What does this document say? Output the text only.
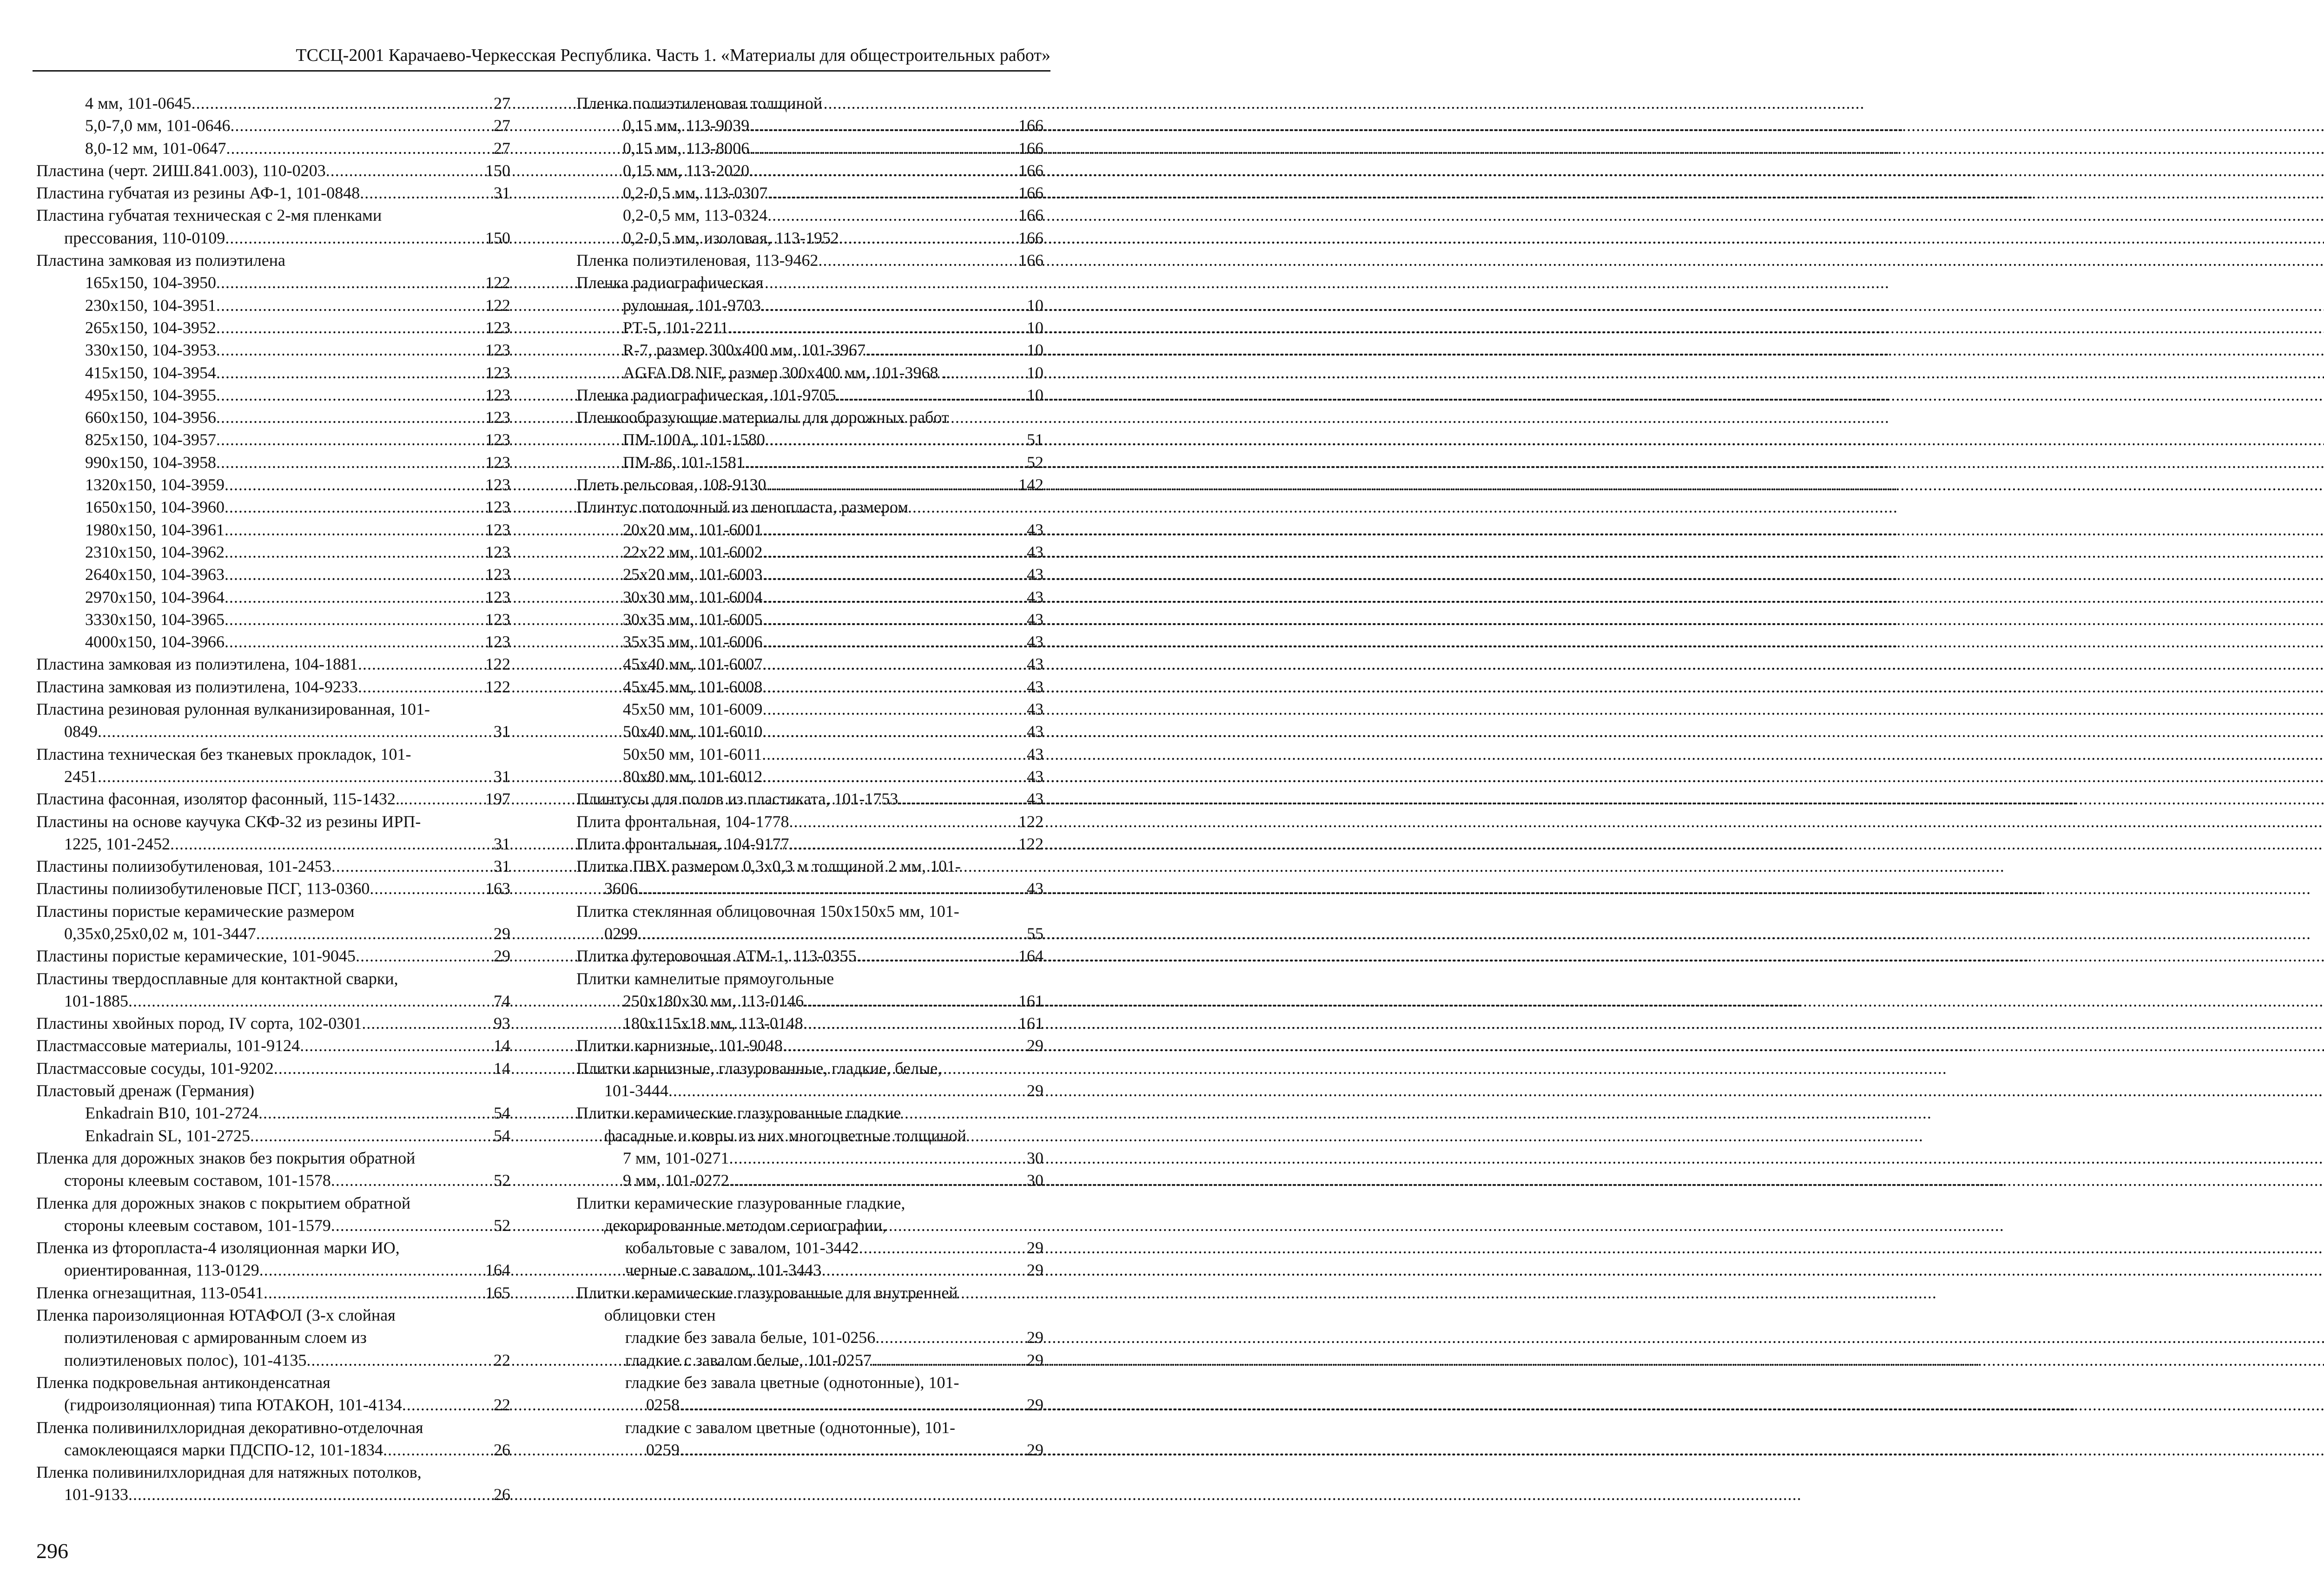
ТССЦ-2001 Карачаево-Черкесская Республика. Часть 1. «Материалы для общестроительных работ»
4 мм, 101-0645 .....	27
5,0-7,0 мм, 101-0646 .....	27
8,0-12 мм, 101-0647 .....	27
Пластина (черт. 2ИШ.841.003), 110-0203 .....	150
Пластина губчатая из резины АФ-1, 101-0848 .....	31
Пластина губчатая техническая с 2-мя пленками
прессования, 110-0109 .....	150
Пластина замковая из полиэтилена
165x150, 104-3950 .....	122
230x150, 104-3951 .....	122
265x150, 104-3952 .....	123
330x150, 104-3953 .....	123
415x150, 104-3954 .....	123
495x150, 104-3955 .....	123
660x150, 104-3956 .....	123
825x150, 104-3957 .....	123
990x150, 104-3958 .....	123
1320x150, 104-3959 .....	123
1650x150, 104-3960 .....	123
1980x150, 104-3961 .....	123
2310x150, 104-3962 .....	123
2640x150, 104-3963 .....	123
2970x150, 104-3964 .....	123
3330x150, 104-3965 .....	123
4000x150, 104-3966 .....	123
Пластина замковая из полиэтилена, 104-1881 .....	122
Пластина замковая из полиэтилена, 104-9233 .....	122
Пластина резиновая рулонная вулканизированная, 101-
0849 .....	31
Пластина техническая без тканевых прокладок, 101-
2451 .....	31
Пластина фасонная, изолятор фасонный, 115-1432.. .....	197
Пластины на основе каучука СКФ-32 из резины ИРП-
1225, 101-2452 .....	31
Пластины полиизобутиленовая, 101-2453 .....	31
Пластины полиизобутиленовые ПСГ, 113-0360 .....	163
Пластины пористые керамические размером
0,35x0,25x0,02 м, 101-3447 .....	29
Пластины пористые керамические, 101-9045 .....	29
Пластины твердосплавные для контактной сварки,
101-1885 .....	74
Пластины хвойных пород, IV сорта, 102-0301 .....	93
Пластмассовые материалы, 101-9124 .....	14
Пластмассовые сосуды, 101-9202 .....	14
Пластовый дренаж (Германия)
Enkadrain B10, 101-2724 .....	54
Enkadrain SL, 101-2725 .....	54
Пленка для дорожных знаков без покрытия обратной
стороны клеевым составом, 101-1578 .....	52
Пленка для дорожных знаков с покрытием обратной
стороны клеевым составом, 101-1579 .....	52
Пленка из фторопласта-4 изоляционная марки ИО,
ориентированная, 113-0129 .....	164
Пленка огнезащитная, 113-0541 .....	165
Пленка пароизоляционная ЮТАФОЛ (3-х слойная
полиэтиленовая с армированным слоем из
полиэтиленовых полос), 101-4135 .....	22
Пленка подкровельная антиконденсатная
(гидроизоляционная) типа ЮТАКОН, 101-4134 .....	22
Пленка поливинилхлоридная декоративно-отделочная
самоклеющаяся марки ПДСПО-12, 101-1834 .....	26
Пленка поливинилхлоридная для натяжных потолков,
101-9133 .....	26
Пленка полиэтиленовая толщиной
0,15 мм, 113-9039 .....	166
0,15 мм, 113-8006 .....	166
0,15 мм, 113-2020 .....	166
0,2-0,5 мм, 113-0307 .....	166
0,2-0,5 мм, 113-0324 .....	166
0,2-0,5 мм, изоловая, 113-1952 .....	166
Пленка полиэтиленовая, 113-9462 .....	166
Пленка радиографическая
рулонная, 101-9703 .....	10
РТ-5, 101-2211 .....	10
R-7, размер 300x400 мм, 101-3967 .....	10
AGFA D8 NIF, размер 300x400 мм, 101-3968 ... .....	10
Пленка радиографическая, 101-9705 .....	10
Пленкообразующие материалы для дорожных работ
ПМ-100А, 101-1580 .....	51
ПМ-86, 101-1581 .....	52
Плеть рельсовая, 108-9130 .....	142
Плинтус потолочный из пенопласта, размером
20x20 мм, 101-6001 .....	43
22x22 мм, 101-6002 .....	43
25x20 мм, 101-6003 .....	43
30x30 мм, 101-6004 .....	43
30x35 мм, 101-6005 .....	43
35x35 мм, 101-6006 .....	43
45x40 мм, 101-6007 .....	43
45x45 мм, 101-6008 .....	43
45x50 мм, 101-6009 .....	43
50x40 мм, 101-6010 .....	43
50x50 мм, 101-6011 .....	43
80x80 мм, 101-6012 .....	43
Плинтусы для полов из пластиката, 101-1753 .....	43
Плита фронтальная, 104-1778 .....	122
Плита фронтальная, 104-9177 .....	122
Плитка ПВХ размером 0,3x0,3 м толщиной 2 мм, 101-
3606 .....	43
Плитка стеклянная облицовочная 150x150x5 мм, 101-
0299 .....	55
Плитка футеровочная АТМ-1, 113-0355 .....	164
Плитки камнелитые прямоугольные
250x180x30 мм, 113-0146 .....	161
180x115x18 мм, 113-0148 .....	161
Плитки карнизные, 101-9048 .....	29
Плитки карнизные, глазурованные, гладкие, белые,
101-3444 .....	29
Плитки керамические глазурованные гладкие
фасадные и ковры из них многоцветные толщиной
7 мм, 101-0271 .....	30
9 мм, 101-0272 .....	30
Плитки керамические глазурованные гладкие,
декорированные методом сериографии,
кобальтовые с завалом, 101-3442 .....	29
черные с завалом, 101-3443 .....	29
Плитки керамические глазурованные для внутренней
облицовки стен
гладкие без завала белые, 101-0256 .....	29
гладкие с завалом белые, 101-0257 .....	29
гладкие без завала цветные (однотонные), 101-
0258 .....	29
гладкие с завалом цветные (однотонные), 101-
0259 .....	29
296
